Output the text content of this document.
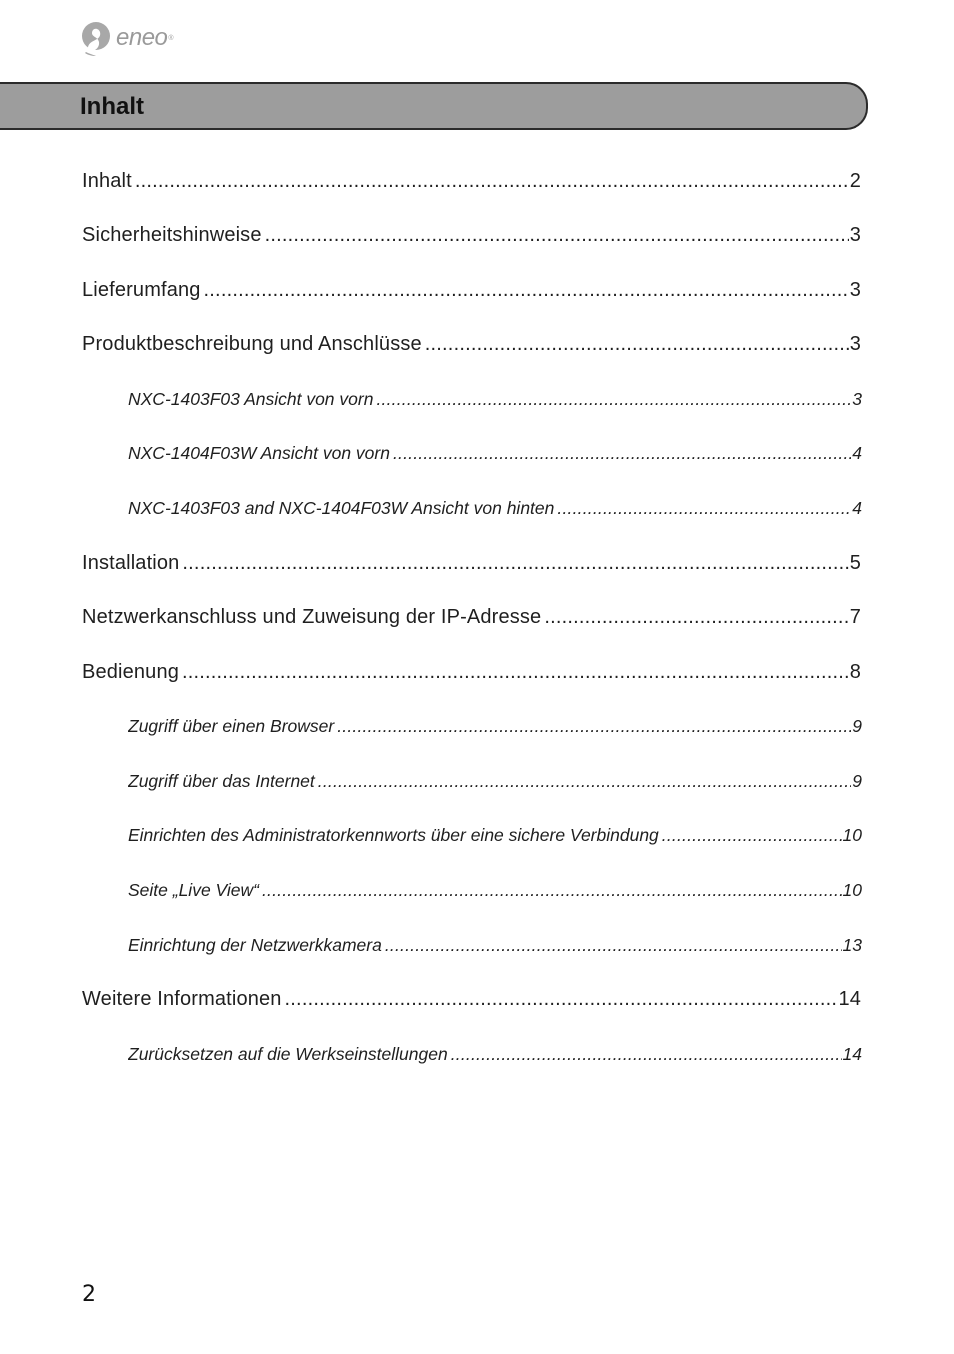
eneo ®
Inhalt
Inhalt .....	2
Sicherheitshinweise .....	3
Lieferumfang .....	3
Produktbeschreibung und Anschlüsse .....	3
NXC-1403F03 Ansicht von vorn .....	3
NXC-1404F03W Ansicht von vorn .....	4
NXC-1403F03 and NXC-1404F03W Ansicht von hinten .....	4
Installation .....	5
Netzwerkanschluss und Zuweisung der IP-Adresse .....	7
Bedienung .....	8
Zugriff über einen Browser .....	9
Zugriff über das Internet .....	9
Einrichten des Administratorkennworts über eine sichere Verbindung .....	10
Seite „Live View“ .....	10
Einrichtung der Netzwerkkamera .....	13
Weitere Informationen .....	14
Zurücksetzen auf die Werkseinstellungen .....	14
2
